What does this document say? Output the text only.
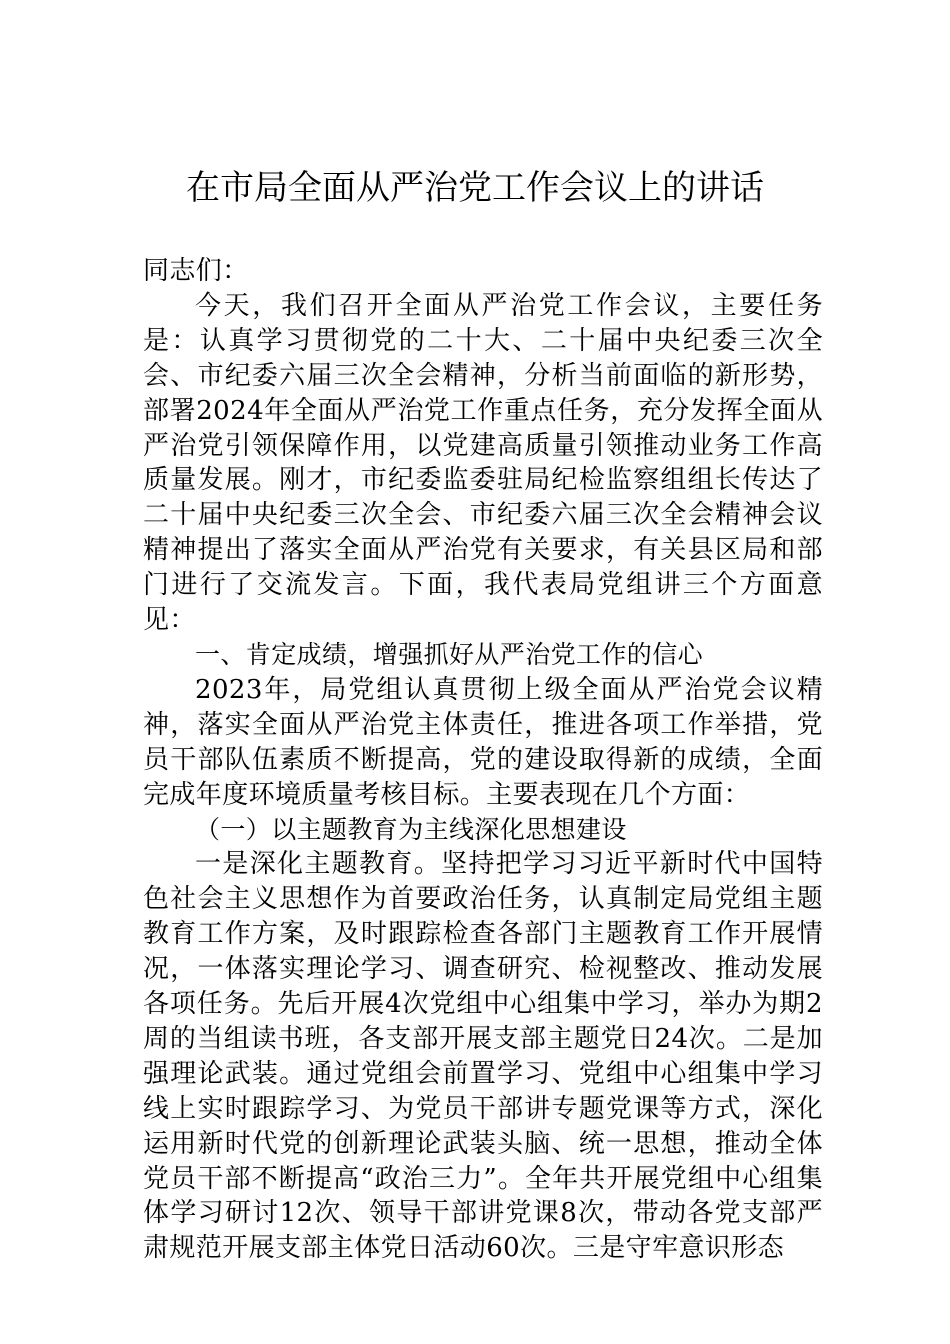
在市局全面从严治党工作会议上的讲话

同志们：

今天，我们召开全面从严治党工作会议，主要任务是：认真学习贯彻党的二十大、二十届中央纪委三次全会、市纪委六届三次全会精神，分析当前面临的新形势，部署2024年全面从严治党工作重点任务，充分发挥全面从严治党引领保障作用，以党建高质量引领推动业务工作高质量发展。刚才，市纪委监委驻局纪检监察组组长传达了二十届中央纪委三次全会、市纪委六届三次全会精神会议精神提出了落实全面从严治党有关要求，有关县区局和部门进行了交流发言。下面，我代表局党组讲三个方面意见：

一、肯定成绩，增强抓好从严治党工作的信心

2023年，局党组认真贯彻上级全面从严治党会议精神，落实全面从严治党主体责任，推进各项工作举措，党员干部队伍素质不断提高，党的建设取得新的成绩，全面完成年度环境质量考核目标。主要表现在几个方面：

（一）以主题教育为主线深化思想建设

一是深化主题教育。坚持把学习习近平新时代中国特色社会主义思想作为首要政治任务，认真制定局党组主题教育工作方案，及时跟踪检查各部门主题教育工作开展情况，一体落实理论学习、调查研究、检视整改、推动发展各项任务。先后开展4次党组中心组集中学习，举办为期2周的当组读书班，各支部开展支部主题党日24次。二是加强理论武装。通过党组会前置学习、党组中心组集中学习线上实时跟踪学习、为党员干部讲专题党课等方式，深化运用新时代党的创新理论武装头脑、统一思想，推动全体党员干部不断提高“政治三力”。全年共开展党组中心组集体学习研讨12次、领导干部讲党课8次，带动各党支部严肃规范开展支部主体党日活动60次。三是守牢意识形态
